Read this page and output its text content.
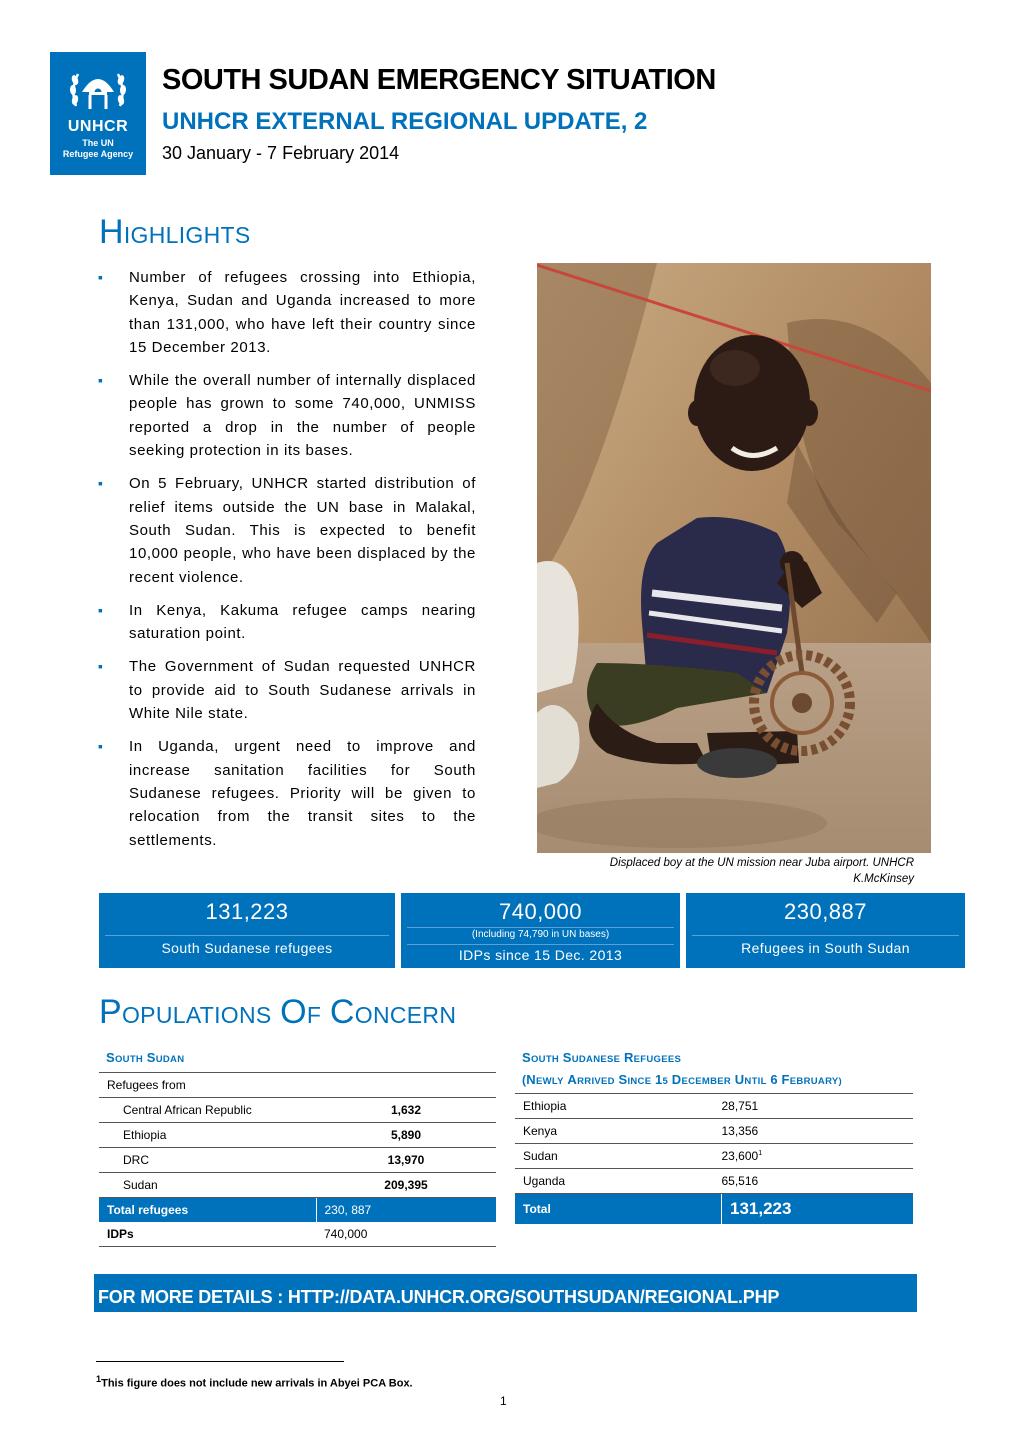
UNHCR
The UN
Refugee Agency
SOUTH SUDAN EMERGENCY SITUATION
UNHCR EXTERNAL REGIONAL UPDATE, 2
30 January - 7 February 2014
HIGHLIGHTS
▪ Number of refugees crossing into Ethiopia, Kenya, Sudan and Uganda increased to more than 131,000, who have left their country since 15 December 2013.
▪ While the overall number of internally displaced people has grown to some 740,000, UNMISS reported a drop in the number of people seeking protection in its bases.
▪ On 5 February, UNHCR started distribution of relief items outside the UN base in Malakal, South Sudan. This is expected to benefit 10,000 people, who have been displaced by the recent violence.
▪ In Kenya, Kakuma refugee camps nearing saturation point.
▪ The Government of Sudan requested UNHCR to provide aid to South Sudanese arrivals in White Nile state.
▪ In Uganda, urgent need to improve and increase sanitation facilities for South Sudanese refugees. Priority will be given to relocation from the transit sites to the settlements.
Displaced boy at the UN mission near Juba airport. UNHCR
K.McKinsey
131,223
South Sudanese refugees
740,000
(Including 74,790 in UN bases)
IDPs since 15 Dec. 2013
230,887
Refugees in South Sudan
POPULATIONS OF CONCERN
SOUTH SUDAN
Refugees from	
Central African Republic	1,632
Ethiopia	5,890
DRC	13,970
Sudan	209,395
Total refugees	230, 887
IDPs	740,000
SOUTH SUDANESE REFUGEES
(NEWLY ARRIVED SINCE 15 DECEMBER UNTIL 6 FEBRUARY)
Ethiopia	28,751
Kenya	13,356
Sudan	23,600$^1$
Uganda	65,516
Total	131,223
FOR MORE DETAILS : HTTP://DATA.UNHCR.ORG/SOUTHSUDAN/REGIONAL.PHP
$^1$This figure does not include new arrivals in Abyei PCA Box.
1
